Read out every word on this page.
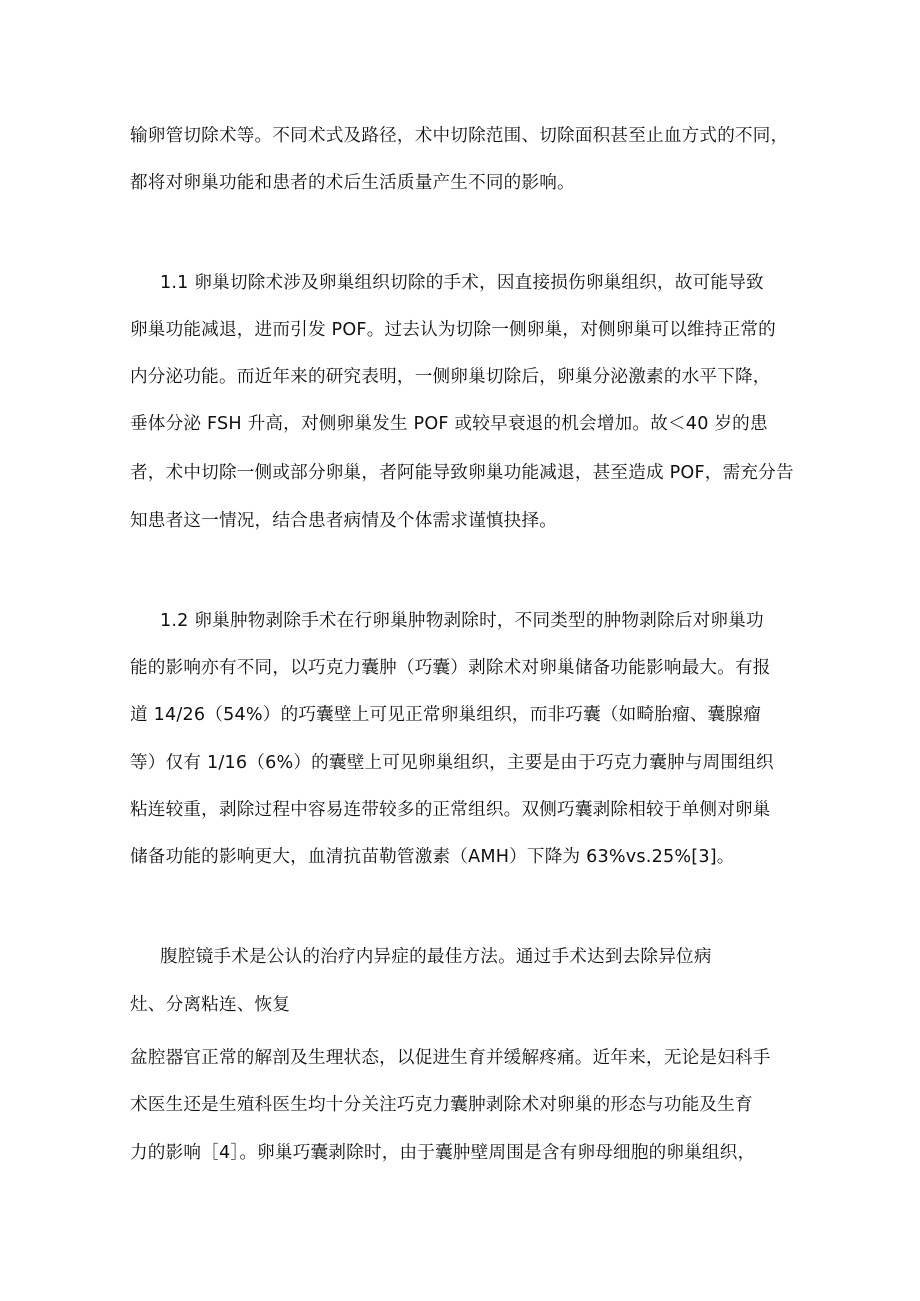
输卵管切除术等。不同术式及路径，术中切除范围、切除面积甚至止血方式的不同，
都将对卵巢功能和患者的术后生活质量产生不同的影响。
1.1 卵巢切除术涉及卵巢组织切除的手术，因直接损伤卵巢组织，故可能导致
卵巢功能减退，进而引发 POF。过去认为切除一侧卵巢，对侧卵巢可以维持正常的
内分泌功能。而近年来的研究表明，一侧卵巢切除后，卵巢分泌激素的水平下降，
垂体分泌 FSH 升高，对侧卵巢发生 POF 或较早衰退的机会增加。故＜40 岁的患
者，术中切除一侧或部分卵巢，者阿能导致卵巢功能减退，甚至造成 POF，需充分告
知患者这一情况，结合患者病情及个体需求谨慎抉择。
1.2 卵巢肿物剥除手术在行卵巢肿物剥除时，不同类型的肿物剥除后对卵巢功
能的影响亦有不同，以巧克力囊肿（巧囊）剥除术对卵巢储备功能影响最大。有报
道 14/26（54%）的巧囊壁上可见正常卵巢组织，而非巧囊（如畸胎瘤、囊腺瘤
等）仅有 1/16（6%）的囊壁上可见卵巢组织，主要是由于巧克力囊肿与周围组织
粘连较重，剥除过程中容易连带较多的正常组织。双侧巧囊剥除相较于单侧对卵巢
储备功能的影响更大，血清抗苗勒管激素（AMH）下降为 63%vs.25%[3]。
腹腔镜手术是公认的治疗内异症的最佳方法。通过手术达到去除异位病
灶、分离粘连、恢复
盆腔器官正常的解剖及生理状态，以促进生育并缓解疼痛。近年来，无论是妇科手
术医生还是生殖科医生均十分关注巧克力囊肿剥除术对卵巢的形态与功能及生育
力的影响［4］。卵巢巧囊剥除时，由于囊肿壁周围是含有卵母细胞的卵巢组织，
